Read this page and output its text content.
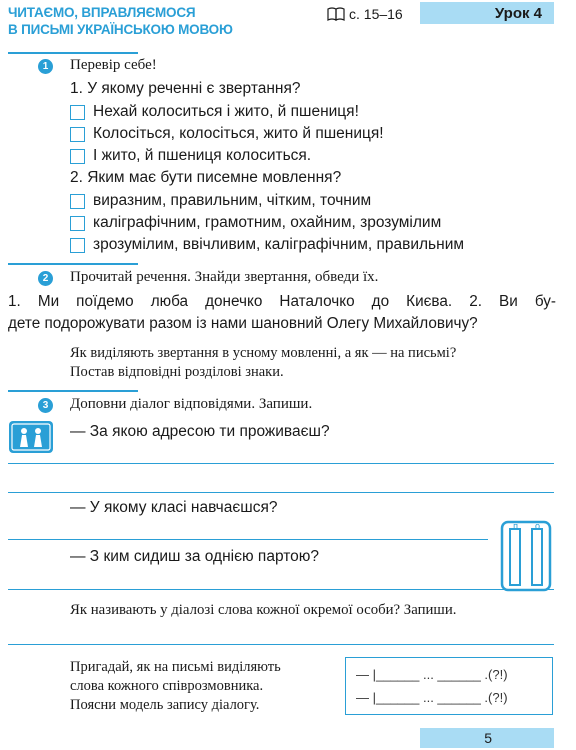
ЧИТАЄМО, ВПРАВЛЯЄМОСЯ
В ПИСЬМІ УКРАЇНСЬКОЮ МОВОЮ
с. 15–16	Урок 4
1 Перевір себе!
1. У якому реченні є звертання?
Нехай колоситься і жито, й пшениця!
Колосіться, колосіться, жито й пшениця!
І жито, й пшениця колоситься.
2. Яким має бути писемне мовлення?
виразним, правильним, чітким, точним
каліграфічним, грамотним, охайним, зрозумілим
зрозумілим, ввічливим, каліграфічним, правильним
2 Прочитай речення. Знайди звертання, обведи їх.
1. Ми поїдемо люба донечко Наталочко до Києва. 2. Ви бу-
дете подорожувати разом із нами шановний Олегу Михайловичу?
Як виділяють звертання в усному мовленні, а як — на письмі?
Постав відповідні розділові знаки.
3 Доповни діалог відповідями. Запиши.
— За якою адресою ти проживаєш?
— У якому класі навчаєшся?
— З ким сидиш за однією партою?
п	о
Як називають у діалозі слова кожної окремої особи? Запиши.
Пригадай, як на письмі виділяють
слова кожного співрозмовника.
Поясни модель запису діалогу.
— |______ ... ______ .(?!)
— |______ ... ______ .(?!)
5
